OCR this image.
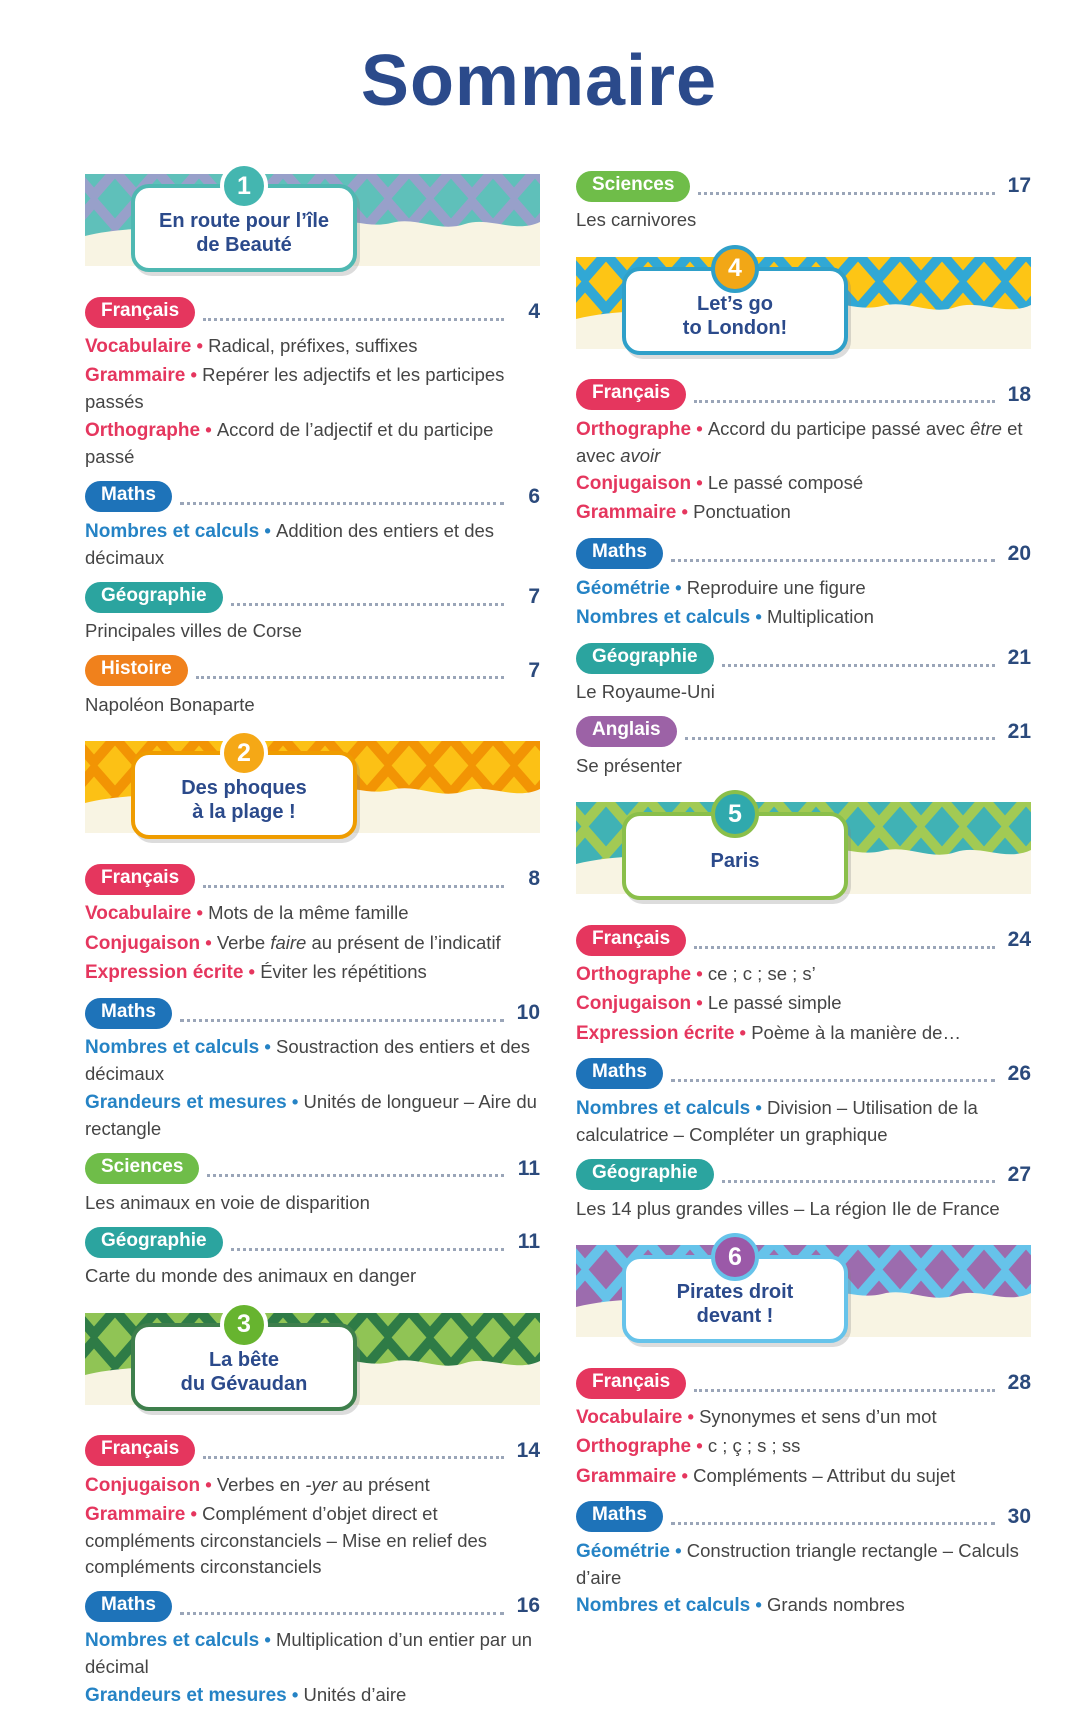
Sommaire
1
En route pour l’île
de Beauté
Français	4

Vocabulaire • Radical, préfixes, suffixes

Grammaire • Repérer les adjectifs et les participes passés

Orthographe • Accord de l’adjectif et du participe passé

Maths	6

Nombres et calculs • Addition des entiers et des décimaux

Géographie	7

Principales villes de Corse

Histoire	7

Napoléon Bonaparte

2
Des phoques
à la plage !
Français	8

Vocabulaire • Mots de la même famille

Conjugaison • Verbe faire au présent de l’indicatif

Expression écrite • Éviter les répétitions

Maths	10

Nombres et calculs • Soustraction des entiers et des décimaux

Grandeurs et mesures • Unités de longueur – Aire du rectangle

Sciences	11

Les animaux en voie de disparition

Géographie	11

Carte du monde des animaux en danger

3
La bête
du Gévaudan
Français	14

Conjugaison • Verbes en -yer au présent

Grammaire • Complément d’objet direct et compléments circonstanciels – Mise en relief des compléments circonstanciels

Maths	16

Nombres et calculs • Multiplication d’un entier par un décimal

Grandeurs et mesures • Unités d’aire

Sciences	17

Les carnivores

4
Let’s go
to London!
Français	18

Orthographe • Accord du participe passé avec être et avec avoir

Conjugaison • Le passé composé

Grammaire • Ponctuation

Maths	20

Géométrie • Reproduire une figure

Nombres et calculs • Multiplication

Géographie	21

Le Royaume-Uni

Anglais	21

Se présenter

5
Paris
Français	24

Orthographe • ce ; c ; se ; s’

Conjugaison • Le passé simple

Expression écrite • Poème à la manière de…

Maths	26

Nombres et calculs • Division – Utilisation de la calculatrice – Compléter un graphique

Géographie	27

Les 14 plus grandes villes – La région Ile de France

6
Pirates droit
devant !
Français	28

Vocabulaire • Synonymes et sens d’un mot

Orthographe • c ; ç ; s ; ss

Grammaire • Compléments – Attribut du sujet

Maths	30

Géométrie • Construction triangle rectangle – Calculs d’aire

Nombres et calculs • Grands nombres
